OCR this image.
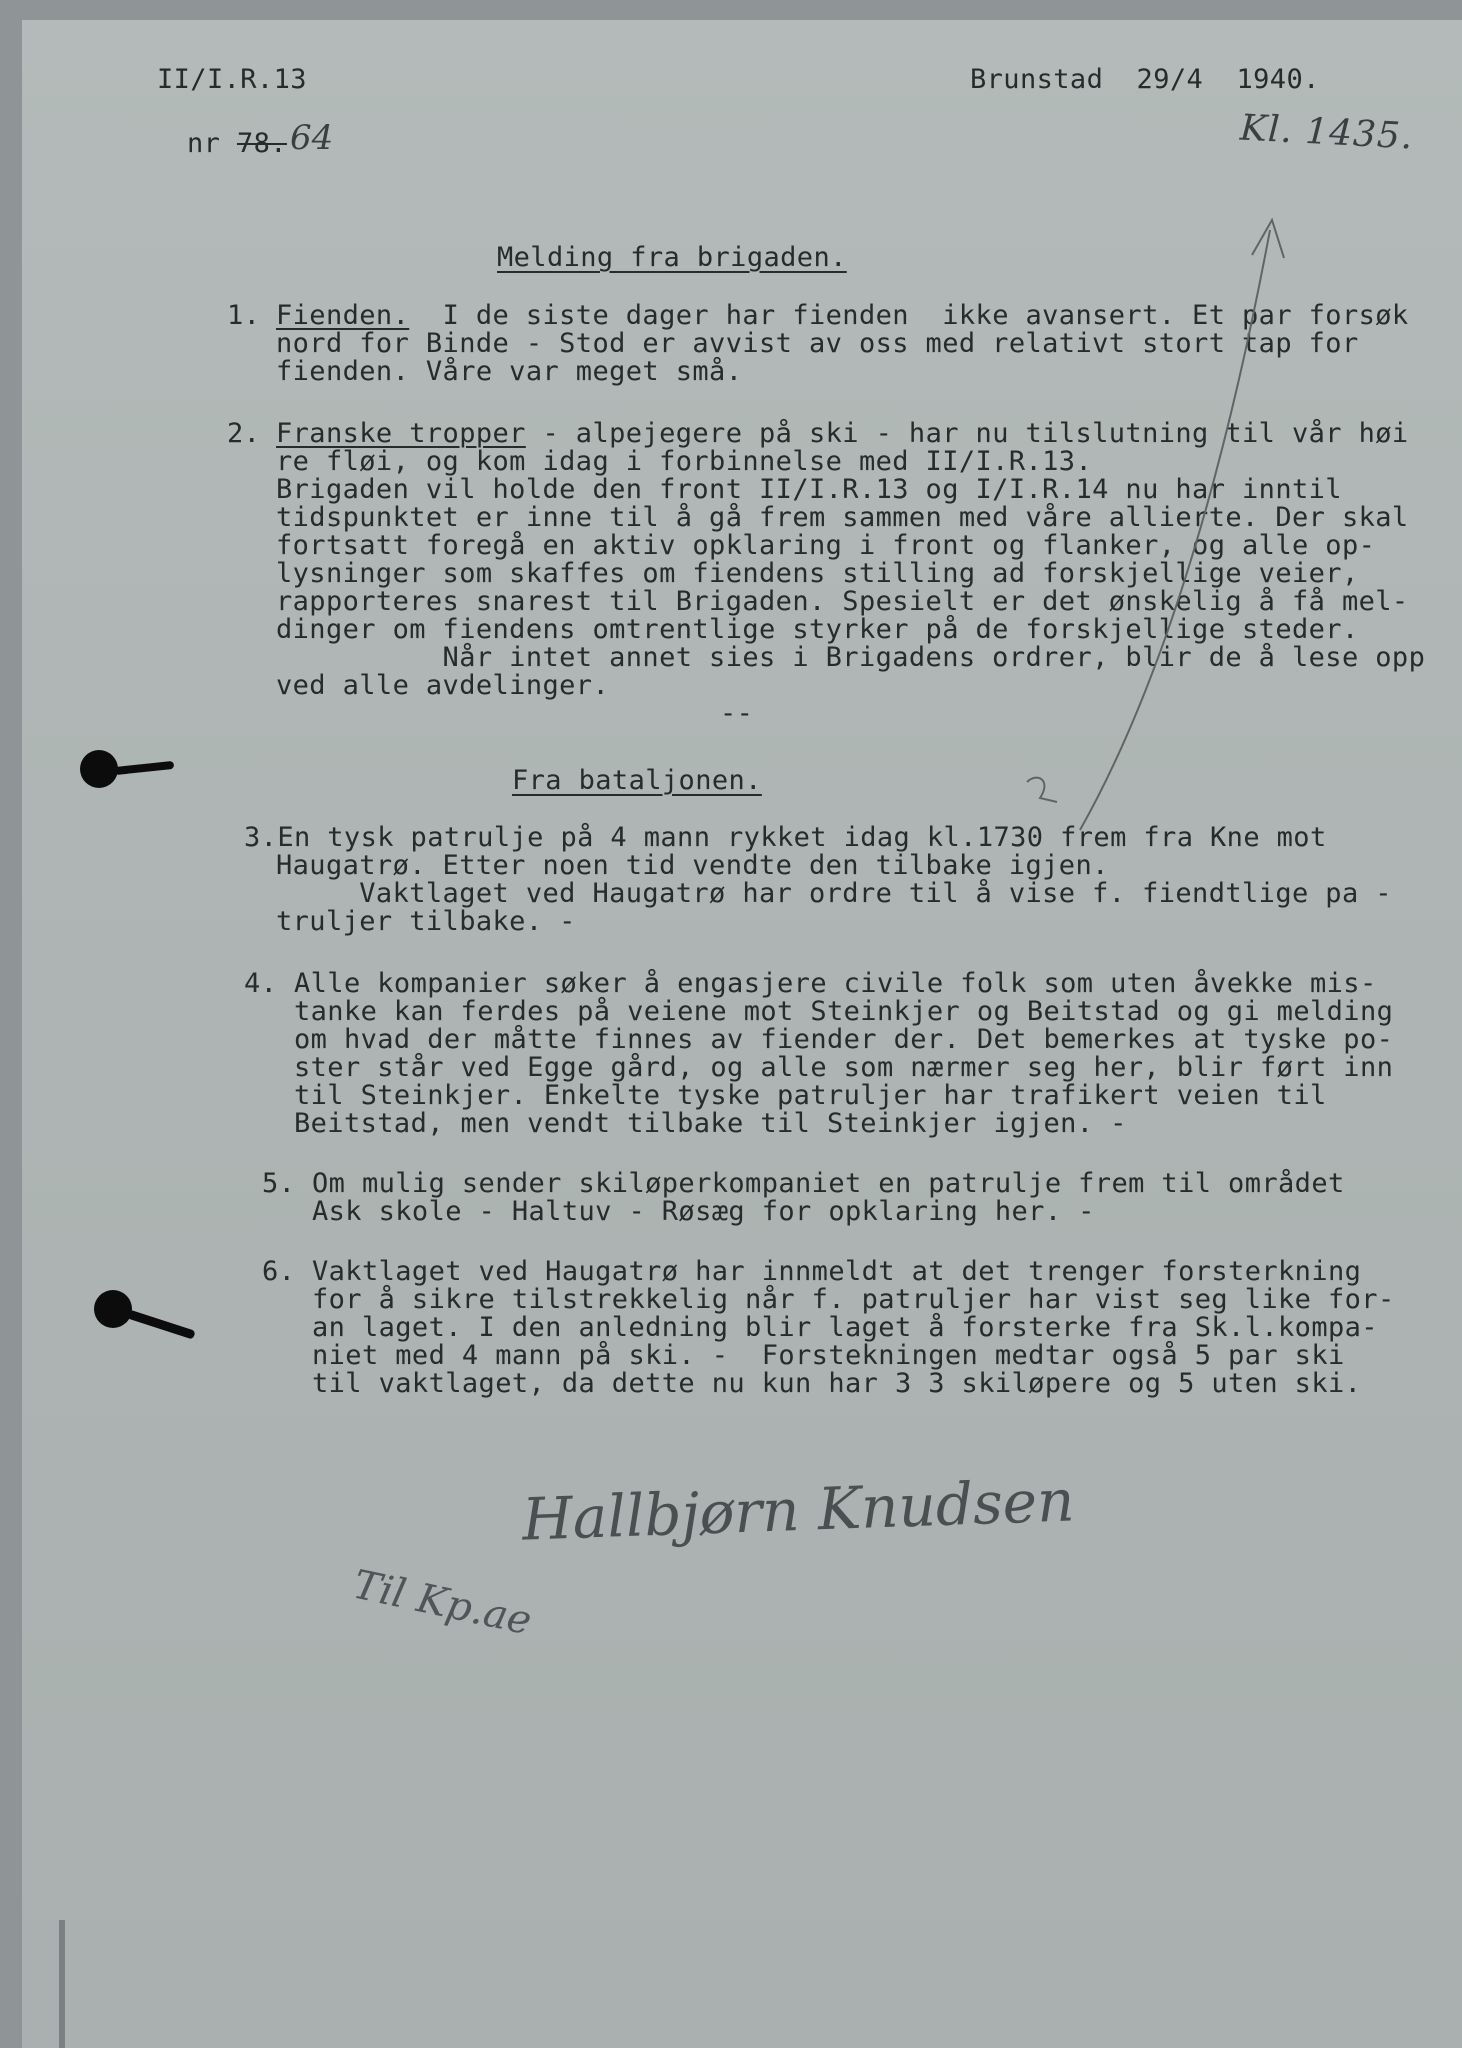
II/I.R.13	Brunstad  29/4  1940.
nr 78. 64	Kl. 1435.
Melding fra brigaden.
1. Fienden. I de siste dager har fienden  ikke avansert. Et par forsøk
nord for Binde - Stod er avvist av oss med relativt stort tap for
fienden. Våre var meget små.
2. Franske tropper - alpejegere på ski - har nu tilslutning til vår høi
re fløi, og kom idag i forbinnelse med II/I.R.13.
Brigaden vil holde den front II/I.R.13 og I/I.R.14 nu har inntil
tidspunktet er inne til å gå frem sammen med våre allierte. Der skal
fortsatt foregå en aktiv opklaring i front og flanker, og alle op-
lysninger som skaffes om fiendens stilling ad forskjellige veier,
rapporteres snarest til Brigaden. Spesielt er det ønskelig å få mel-
dinger om fiendens omtrentlige styrker på de forskjellige steder.
Når intet annet sies i Brigadens ordrer, blir de å lese opp
ved alle avdelinger.
--
Fra bataljonen.
3.En tysk patrulje på 4 mann rykket idag kl.1730 frem fra Kne mot
Haugatrø. Etter noen tid vendte den tilbake igjen.
Vaktlaget ved Haugatrø har ordre til å vise f. fiendtlige pa -
truljer tilbake. -
4. Alle kompanier søker å engasjere civile folk som uten åvekke mis-
tanke kan ferdes på veiene mot Steinkjer og Beitstad og gi melding
om hvad der måtte finnes av fiender der. Det bemerkes at tyske po-
ster står ved Egge gård, og alle som nærmer seg her, blir ført inn
til Steinkjer. Enkelte tyske patruljer har trafikert veien til
Beitstad, men vendt tilbake til Steinkjer igjen. -
5. Om mulig sender skiløperkompaniet en patrulje frem til området
Ask skole - Haltuv - Røsæg for opklaring her. -
6. Vaktlaget ved Haugatrø har innmeldt at det trenger forsterkning
for å sikre tilstrekkelig når f. patruljer har vist seg like for-
an laget. I den anledning blir laget å forsterke fra Sk.l.kompa-
niet med 4 mann på ski. -  Forstekningen medtar også 5 par ski
til vaktlaget, da dette nu kun har 3 3 skiløpere og 5 uten ski.
Hallbjørn Knudsen
Til Kp.ae
